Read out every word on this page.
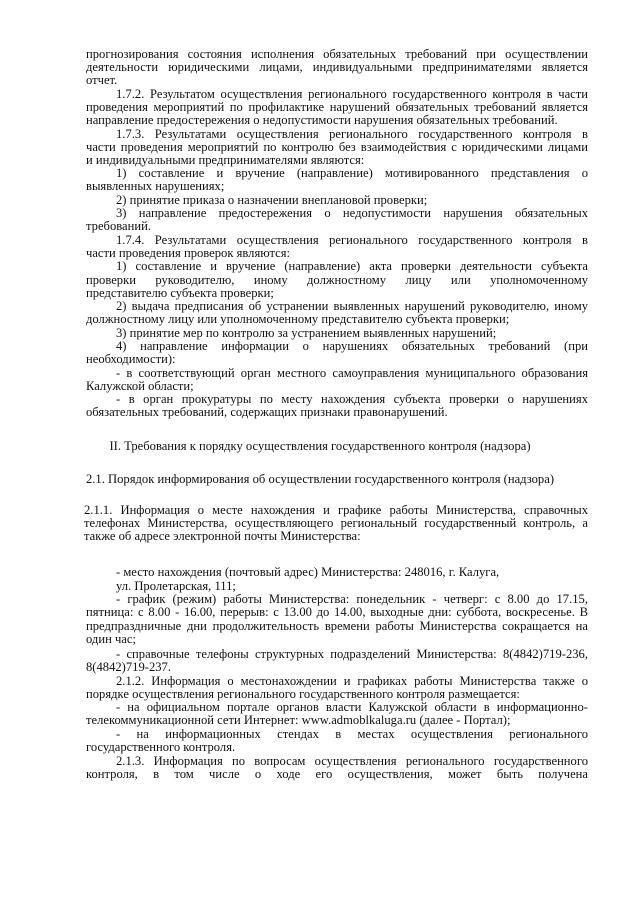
прогнозирования состояния исполнения обязательных требований при осуществлении

деятельности юридическими лицами, индивидуальными предпринимателями является

отчет.

1.7.2. Результатом осуществления регионального государственного контроля в части

проведения мероприятий по профилактике нарушений обязательных требований является

направление предостережения о недопустимости нарушения обязательных требований.

1.7.3. Результатами осуществления регионального государственного контроля в

части проведения мероприятий по контролю без взаимодействия с юридическими лицами

и индивидуальными предпринимателями являются:

1) составление и вручение (направление) мотивированного представления о

выявленных нарушениях;

2) принятие приказа о назначении внеплановой проверки;

3) направление предостережения о недопустимости нарушения обязательных

требований.

1.7.4. Результатами осуществления регионального государственного контроля в

части проведения проверок являются:

1) составление и вручение (направление) акта проверки деятельности субъекта

проверки руководителю, иному должностному лицу или уполномоченному

представителю субъекта проверки;

2) выдача предписания об устранении выявленных нарушений руководителю, иному

должностному лицу или уполномоченному представителю субъекта проверки;

3) принятие мер по контролю за устранением выявленных нарушений;

4) направление информации о нарушениях обязательных требований (при

необходимости):

- в соответствующий орган местного самоуправления муниципального образования

Калужской области;

- в орган прокуратуры по месту нахождения субъекта проверки о нарушениях

обязательных требований, содержащих признаки правонарушений.

II. Требования к порядку осуществления государственного контроля (надзора)

2.1. Порядок информирования об осуществлении государственного контроля (надзора)

2.1.1. Информация о месте нахождения и графике работы Министерства, справочных

телефонах Министерства, осуществляющего региональный государственный контроль, а

также об адресе электронной почты Министерства:

- место нахождения (почтовый адрес) Министерства: 248016, г. Калуга,

ул. Пролетарская, 111;

- график (режим) работы Министерства: понедельник - четверг: с 8.00 до 17.15,

пятница: с 8.00 - 16.00, перерыв: с 13.00 до 14.00, выходные дни: суббота, воскресенье. В

предпраздничные дни продолжительность времени работы Министерства сокращается на

один час;

- справочные телефоны структурных подразделений Министерства: 8(4842)719-236,

8(4842)719-237.

2.1.2. Информация о местонахождении и графиках работы Министерства также о

порядке осуществления регионального государственного контроля размещается:

- на официальном портале органов власти Калужской области в информационно-

телекоммуникационной сети Интернет: www.admoblkaluga.ru (далее - Портал);

- на информационных стендах в местах осуществления регионального

государственного контроля.

2.1.3. Информация по вопросам осуществления регионального государственного

контроля, в том числе о ходе его осуществления, может быть получена
